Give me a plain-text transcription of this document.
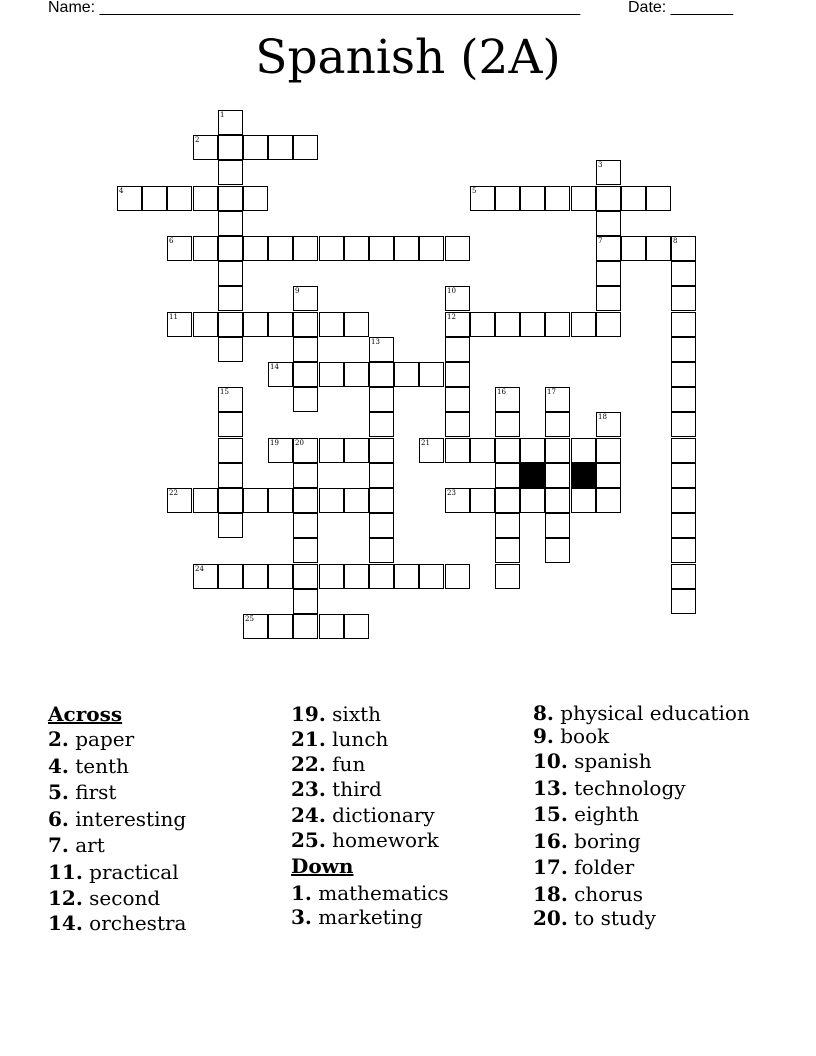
Name: ______________________________________________________	Date: _______
Spanish (2A)
1
2
3
4	5
6	7	8
9	10
11	12
13
14
15	16	17
18
19 20	21
22	23
24
25
Across
2. paper
4. tenth
5. first
6. interesting
7. art
11. practical
12. second
14. orchestra
19. sixth
21. lunch
22. fun
23. third
24. dictionary
25. homework
Down
1. mathematics
3. marketing
8. physical education
9. book
10. spanish
13. technology
15. eighth
16. boring
17. folder
18. chorus
20. to study
